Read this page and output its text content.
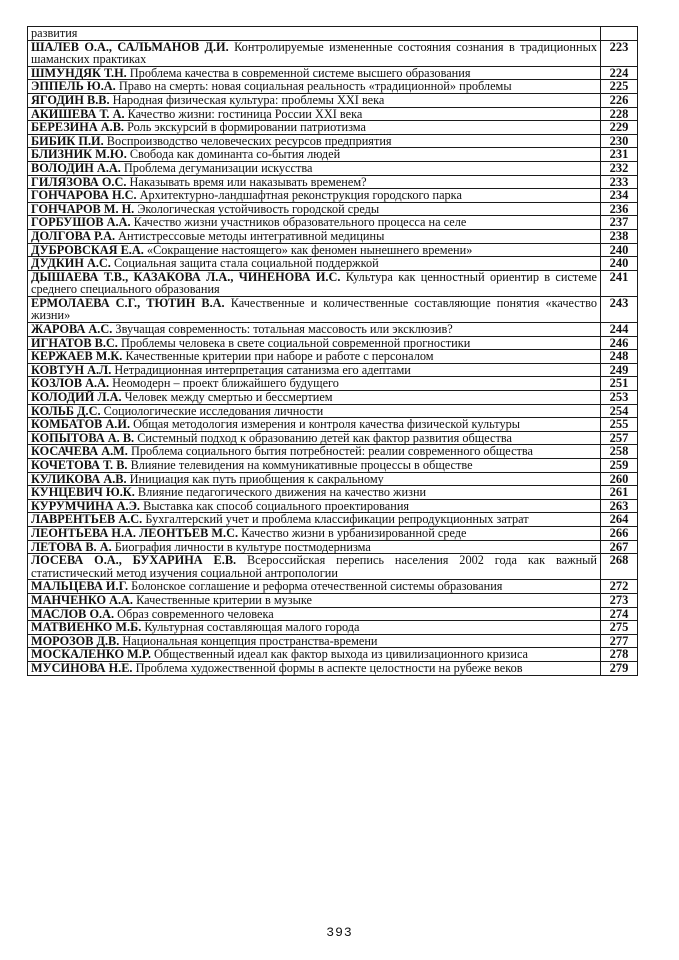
развития	
ШАЛЕВ О.А., САЛЬМАНОВ Д.И. Контролируемые измененные состояния сознания в традиционных шаманских практиках	223
ШМУНДЯК Т.Н. Проблема качества в современной системе высшего образования	224
ЭППЕЛЬ Ю.А. Право на смерть: новая социальная реальность «традиционной» проблемы	225
ЯГОДИН В.В. Народная физическая культура: проблемы XXI века	226
АКИШЕВА Т. А. Качество жизни: гостиница России XXI века	228
БЕРЕЗИНА А.В. Роль экскурсий в формировании патриотизма	229
БИБИК П.И. Воспроизводство человеческих ресурсов предприятия	230
БЛИЗНИК М.Ю. Свобода как доминанта со-бытия людей	231
ВОЛОДИН А.А. Проблема дегуманизации искусства	232
ГИЛЯЗОВА О.С. Наказывать время или наказывать временем?	233
ГОНЧАРОВА Н.С. Архитектурно-ландшафтная реконструкция городского парка	234
ГОНЧАРОВ М. Н. Экологическая устойчивость городской среды	236
ГОРБУШОВ А.А. Качество жизни участников образовательного процесса на селе	237
ДОЛГОВА Р.А. Антистрессовые методы интегративной медицины	238
ДУБРОВСКАЯ Е.А. «Сокращение настоящего» как феномен нынешнего времени»	240
ДУДКИН А.С. Социальная защита стала социальной поддержкой	240
ДЫШАЕВА Т.В., КАЗАКОВА Л.А., ЧИНЕНОВА И.С. Культура как ценностный ориентир в системе среднего специального образования	241
ЕРМОЛАЕВА С.Г., ТЮТИН В.А. Качественные и количественные составляющие понятия «качество жизни»	243
ЖАРОВА А.С. Звучащая современность: тотальная массовость или эксклюзив?	244
ИГНАТОВ В.С. Проблемы человека в свете социальной современной прогностики	246
КЕРЖАЕВ М.К. Качественные критерии при наборе и работе с персоналом	248
КОВТУН А.Л. Нетрадиционная интерпретация сатанизма его адептами	249
КОЗЛОВ А.А. Неомодерн – проект ближайшего будущего	251
КОЛОДИЙ Л.А. Человек между смертью и бессмертием	253
КОЛЬБ Д.С. Социологические исследования личности	254
КОМБАТОВ А.И. Общая методология измерения и контроля качества физической культуры	255
КОПЫТОВА А. В. Системный подход к образованию детей как фактор развития общества	257
КОСАЧЕВА А.М. Проблема социального бытия потребностей: реалии современного общества	258
КОЧЕТОВА Т. В. Влияние телевидения на коммуникативные процессы в обществе	259
КУЛИКОВА А.В. Инициация как путь приобщения к сакральному	260
КУНЦЕВИЧ Ю.К. Влияние педагогического движения на качество жизни	261
КУРУМЧИНА А.Э. Выставка как способ социального проектирования	263
ЛАВРЕНТЬЕВ А.С. Бухгалтерский учет и проблема классификации репродукционных затрат	264
ЛЕОНТЬЕВА Н.А. ЛЕОНТЬЕВ М.С. Качество жизни в урбанизированной среде	266
ЛЕТОВА В. А. Биография личности в культуре постмодернизма	267
ЛОСЕВА О.А., БУХАРИНА Е.В. Всероссийская перепись населения 2002 года как важный статистический метод изучения социальной антропологии	268
МАЛЬЦЕВА И.Г. Болонское соглашение и реформа отечественной системы образования	272
МАНЧЕНКО А.А. Качественные критерии в музыке	273
МАСЛОВ О.А. Образ современного человека	274
МАТВИЕНКО М.Б. Культурная составляющая малого города	275
МОРОЗОВ Д.В. Национальная концепция пространства-времени	277
МОСКАЛЕНКО М.Р. Общественный идеал как фактор выхода из цивилизационного кризиса	278
МУСИНОВА Н.Е. Проблема художественной формы в аспекте целостности на рубеже веков	279
393
